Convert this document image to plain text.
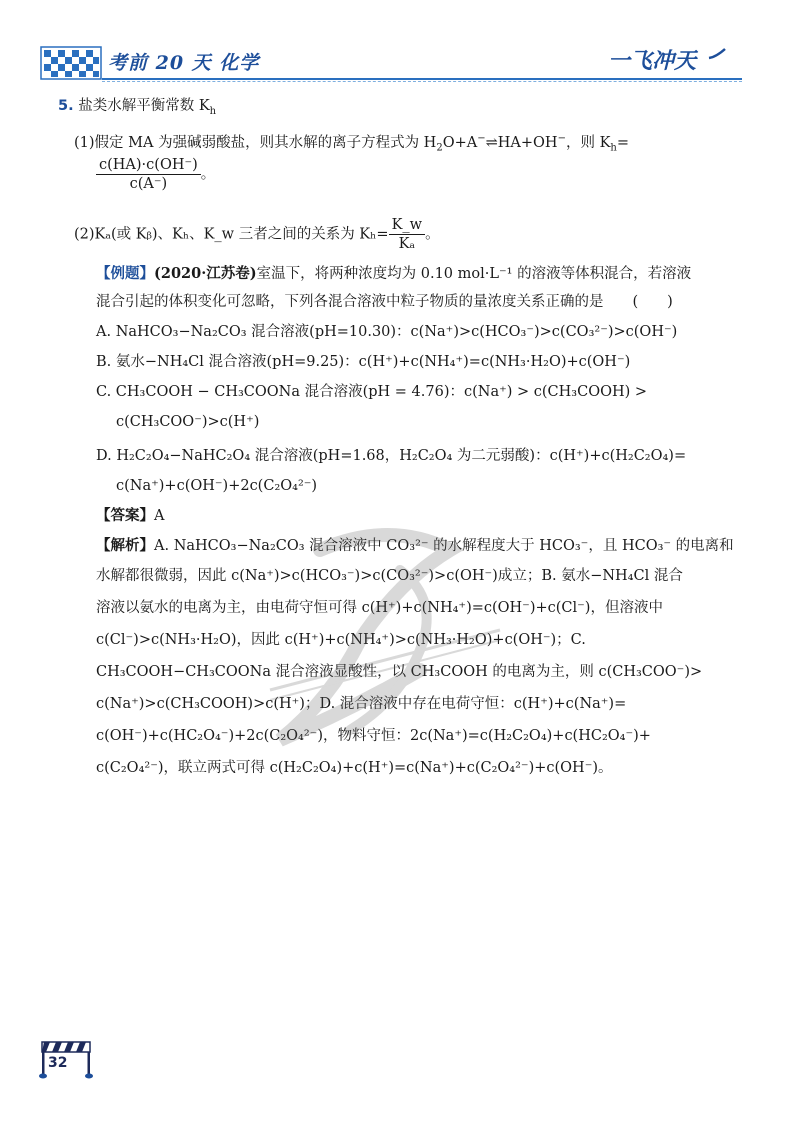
考前 20 天 化学	一飞冲天
5. 盐类水解平衡常数 $K_h$
(1)假定 MA 为强碱弱酸盐，则其水解的离子方程式为 $H_2O+A^-\rightleftharpoons HA+OH^-$，则 $K_h=$
$\frac{c(HA)\cdot c(OH^-)}{c(A^-)}$ 。
(2)Kₐ(或 Kᵦ)、Kₕ、K_w 三者之间的关系为 $K_h= \frac{K\_w}{\text{Kₐ}}$ 。
【例题】(2020·江苏卷)室温下，将两种浓度均为 0.10 mol·L⁻¹ 的溶液等体积混合，若溶液
混合引起的体积变化可忽略，下列各混合溶液中粒子物质的量浓度关系正确的是　　(　　)
A. NaHCO₃−Na₂CO₃ 混合溶液(pH=10.30)：c(Na⁺)>c(HCO₃⁻)>c(CO₃²⁻)>c(OH⁻)
B. 氨水−NH₄Cl 混合溶液(pH=9.25)：c(H⁺)+c(NH₄⁺)=c(NH₃·H₂O)+c(OH⁻)
C. CH₃COOH − CH₃COONa 混合溶液(pH = 4.76)：c(Na⁺) > c(CH₃COOH) >
c(CH₃COO⁻)>c(H⁺)
D. H₂C₂O₄−NaHC₂O₄ 混合溶液(pH=1.68，H₂C₂O₄ 为二元弱酸)：c(H⁺)+c(H₂C₂O₄)=
c(Na⁺)+c(OH⁻)+2c(C₂O₄²⁻)
【答案】A
【解析】A. NaHCO₃−Na₂CO₃ 混合溶液中 CO₃²⁻ 的水解程度大于 HCO₃⁻，且 HCO₃⁻ 的电离和
水解都很微弱，因此 c(Na⁺)>c(HCO₃⁻)>c(CO₃²⁻)>c(OH⁻)成立；B. 氨水−NH₄Cl 混合
溶液以氨水的电离为主，由电荷守恒可得 c(H⁺)+c(NH₄⁺)=c(OH⁻)+c(Cl⁻)，但溶液中
c(Cl⁻)>c(NH₃·H₂O)，因此 c(H⁺)+c(NH₄⁺)>c(NH₃·H₂O)+c(OH⁻)；C.
CH₃COOH−CH₃COONa 混合溶液显酸性，以 CH₃COOH 的电离为主，则 c(CH₃COO⁻)>
c(Na⁺)>c(CH₃COOH)>c(H⁺)；D. 混合溶液中存在电荷守恒：c(H⁺)+c(Na⁺)=
c(OH⁻)+c(HC₂O₄⁻)+2c(C₂O₄²⁻)，物料守恒：2c(Na⁺)=c(H₂C₂O₄)+c(HC₂O₄⁻)+
c(C₂O₄²⁻)，联立两式可得 c(H₂C₂O₄)+c(H⁺)=c(Na⁺)+c(C₂O₄²⁻)+c(OH⁻)。
32
